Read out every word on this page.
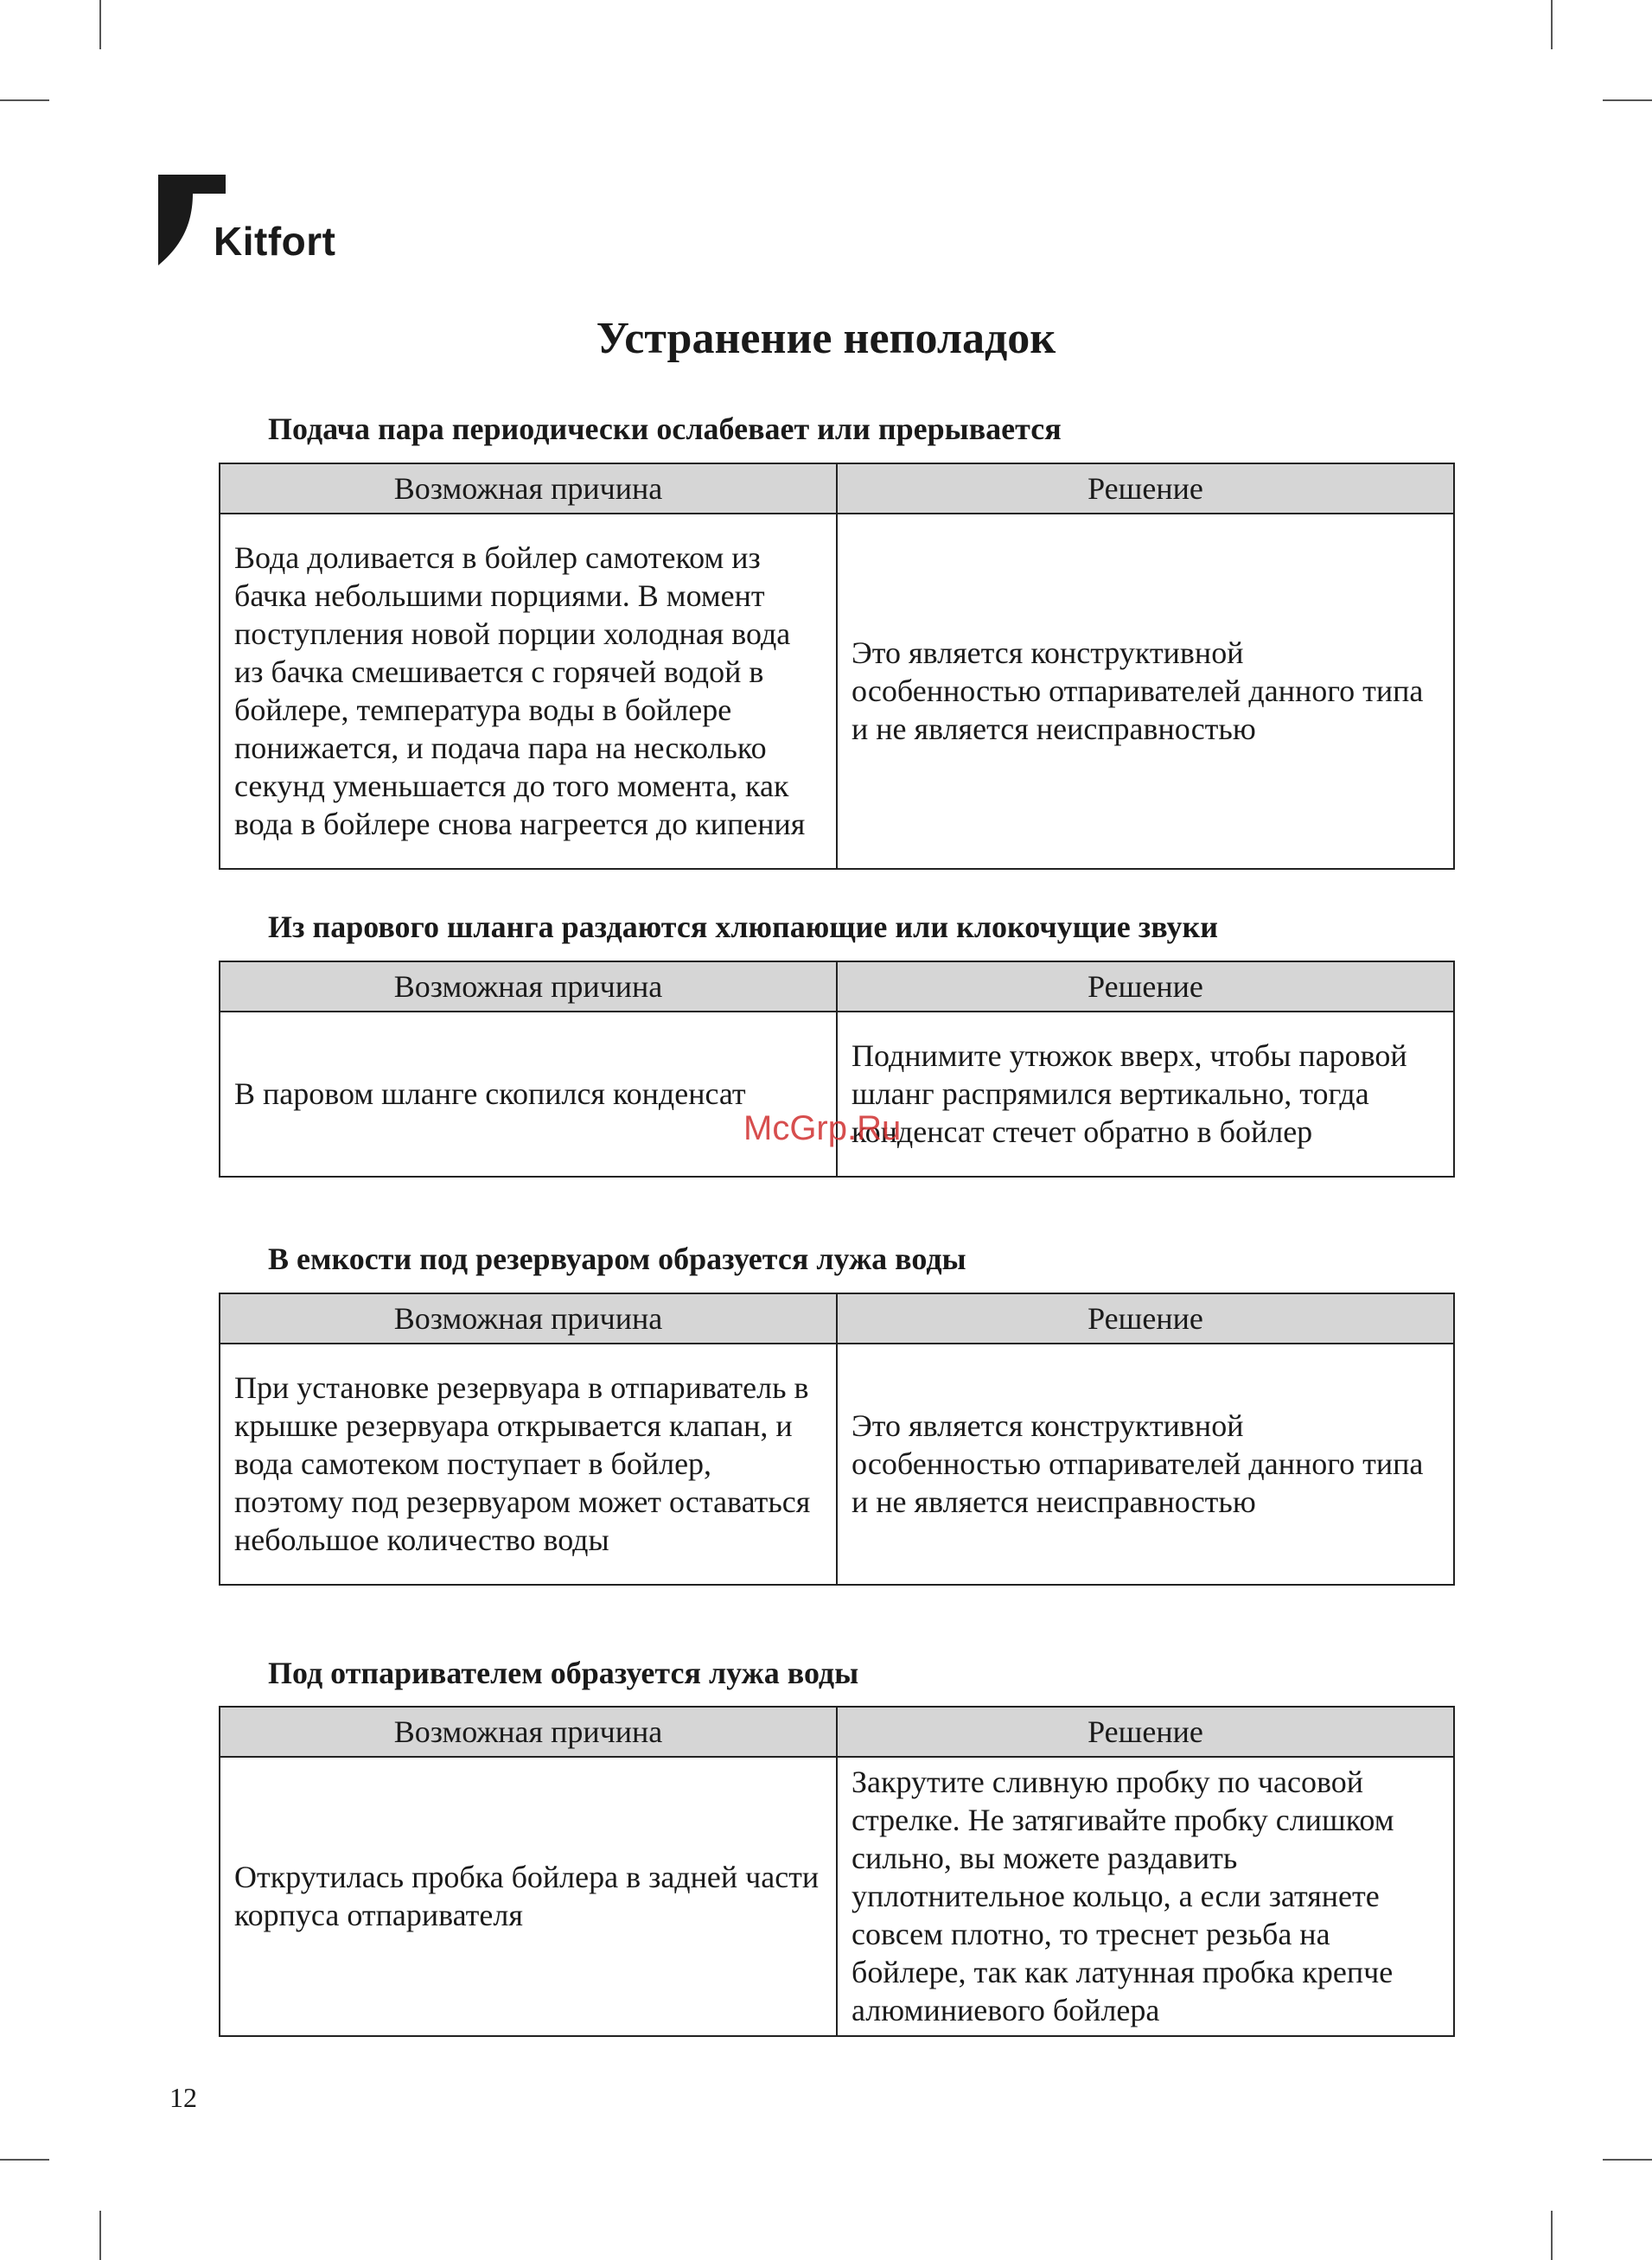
Kitfort
Устранение неполадок
Подача пара периодически ослабевает или прерывается
Возможная причина	Решение
Вода доливается в бойлер самотеком из бачка небольшими порциями. В момент поступления новой порции холодная вода из бачка смешивается с горячей водой в бойлере, температура воды в бойлере понижается, и подача пара на несколько секунд уменьшается до того момента, как вода в бойлере снова нагреется до кипения	Это является конструктивной особенностью отпаривателей данного типа и не является неисправностью
Из парового шланга раздаются хлюпающие или клокочущие звуки
Возможная причина	Решение
В паровом шланге скопился конденсат	Поднимите утюжок вверх, чтобы паровой шланг распрямился вертикально, тогда конденсат стечет обратно в бойлер
В емкости под резервуаром образуется лужа воды
Возможная причина	Решение
При установке резервуара в отпариватель в крышке резервуара открывается клапан, и вода самотеком поступает в бойлер, поэтому под резервуаром может оставаться небольшое количество воды	Это является конструктивной особенностью отпаривателей данного типа и не является неисправностью
Под отпаривателем образуется лужа воды
Возможная причина	Решение
Открутилась пробка бойлера в задней части корпуса отпаривателя	Закрутите сливную пробку по часовой стрелке. Не затягивайте пробку слишком сильно, вы можете раздавить уплотнительное кольцо, а если затянете совсем плотно, то треснет резьба на бойлере, так как латунная пробка крепче алюминиевого бойлера
12
McGrp.Ru
